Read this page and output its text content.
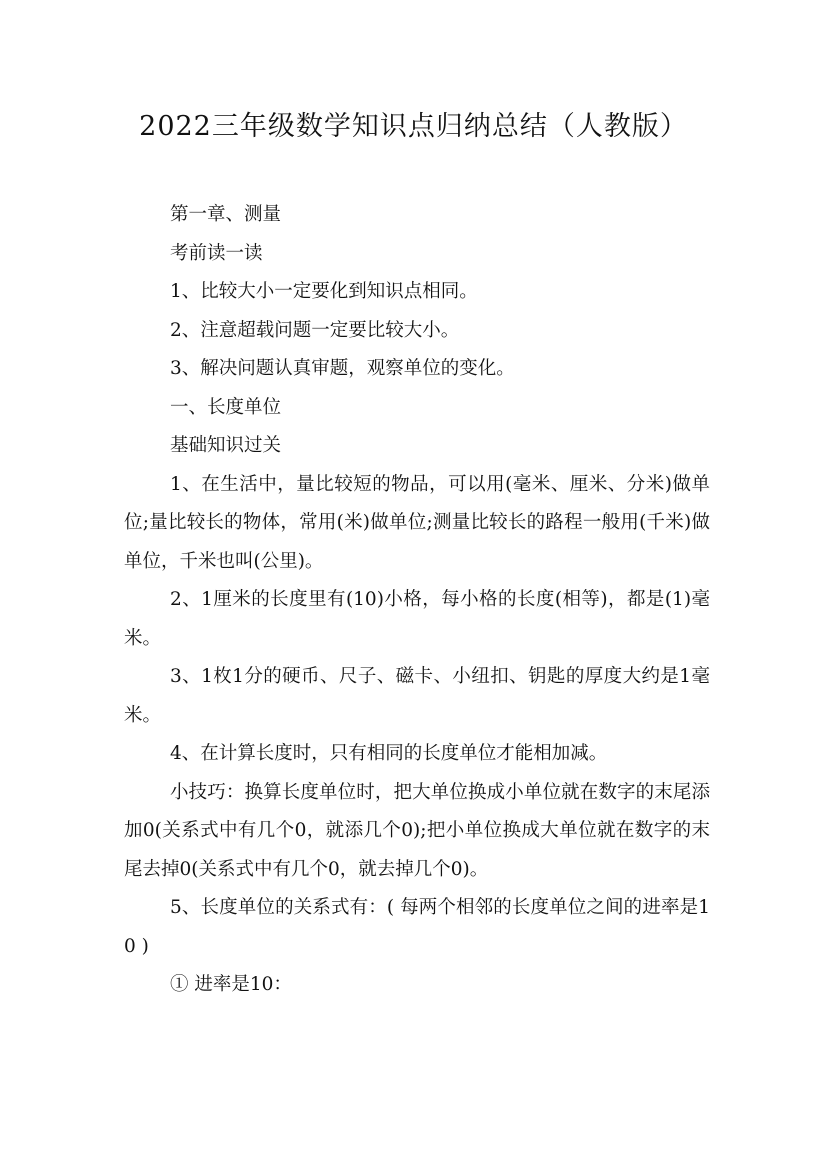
2022三年级数学知识点归纳总结（人教版）

第一章、测量

考前读一读

1、比较大小一定要化到知识点相同。

2、注意超载问题一定要比较大小。

3、解决问题认真审题，观察单位的变化。

一、长度单位

基础知识过关

1、在生活中，量比较短的物品，可以用(毫米、厘米、分米)做单位;量比较长的物体，常用(米)做单位;测量比较长的路程一般用(千米)做单位，千米也叫(公里)。

2、1厘米的长度里有(10)小格，每小格的长度(相等)，都是(1)毫米。

3、1枚1分的硬币、尺子、磁卡、小纽扣、钥匙的厚度大约是1毫米。

4、在计算长度时，只有相同的长度单位才能相加减。

小技巧：换算长度单位时，把大单位换成小单位就在数字的末尾添加0(关系式中有几个0，就添几个0);把小单位换成大单位就在数字的末尾去掉0(关系式中有几个0，就去掉几个0)。

5、长度单位的关系式有：( 每两个相邻的长度单位之间的进率是10 )

① 进率是10：
